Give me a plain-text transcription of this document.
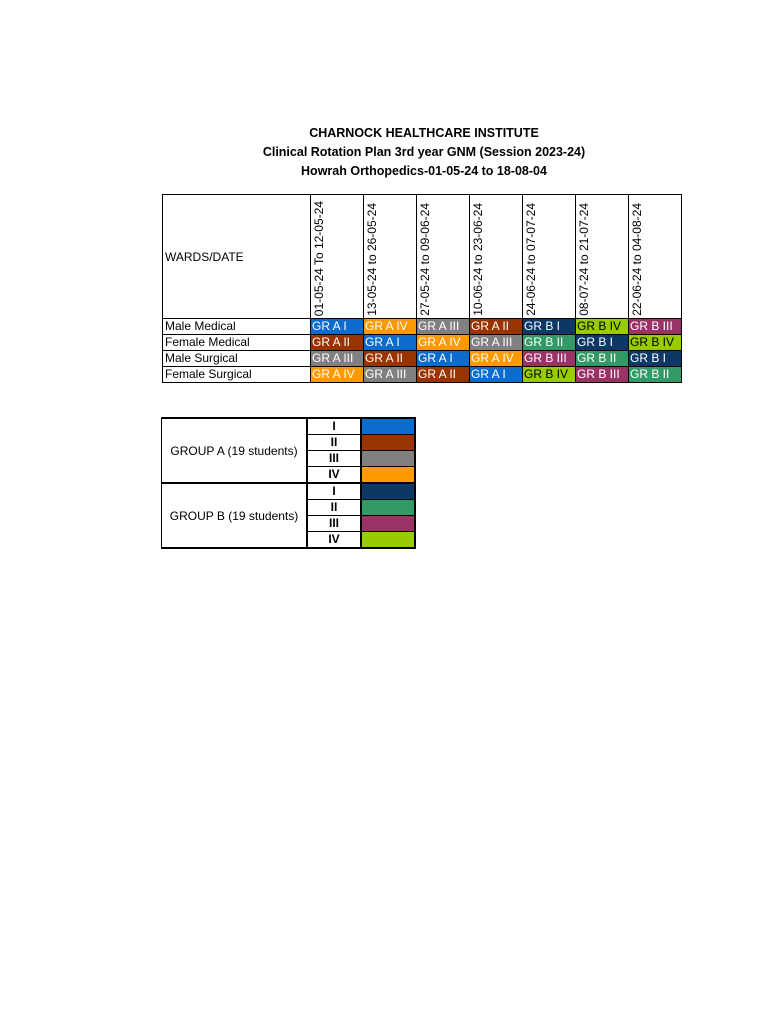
CHARNOCK HEALTHCARE INSTITUTE
Clinical Rotation Plan 3rd year GNM (Session 2023-24)
Howrah Orthopedics-01-05-24 to 18-08-04
WARDS/DATE	01-05-24 To 12-05-24	13-05-24 to 26-05-24	27-05-24 to 09-06-24	10-06-24 to 23-06-24	24-06-24 to 07-07-24	08-07-24 to 21-07-24	22-06-24 to 04-08-24

Male Medical	GR A I	GR A IV	GR A III	GR A II	GR B I	GR B IV	GR B III
Female Medical	GR A II	GR A I	GR A IV	GR A III	GR B II	GR B I	GR B IV
Male Surgical	GR A III	GR A II	GR A I	GR A IV	GR B III	GR B II	GR B I
Female Surgical	GR A IV	GR A III	GR A II	GR A I	GR B IV	GR B III	GR B II
GROUP A (19 students)	I	
	II	
	III	
	IV	
GROUP B (19 students)	I	
	II	
	III	
	IV	
